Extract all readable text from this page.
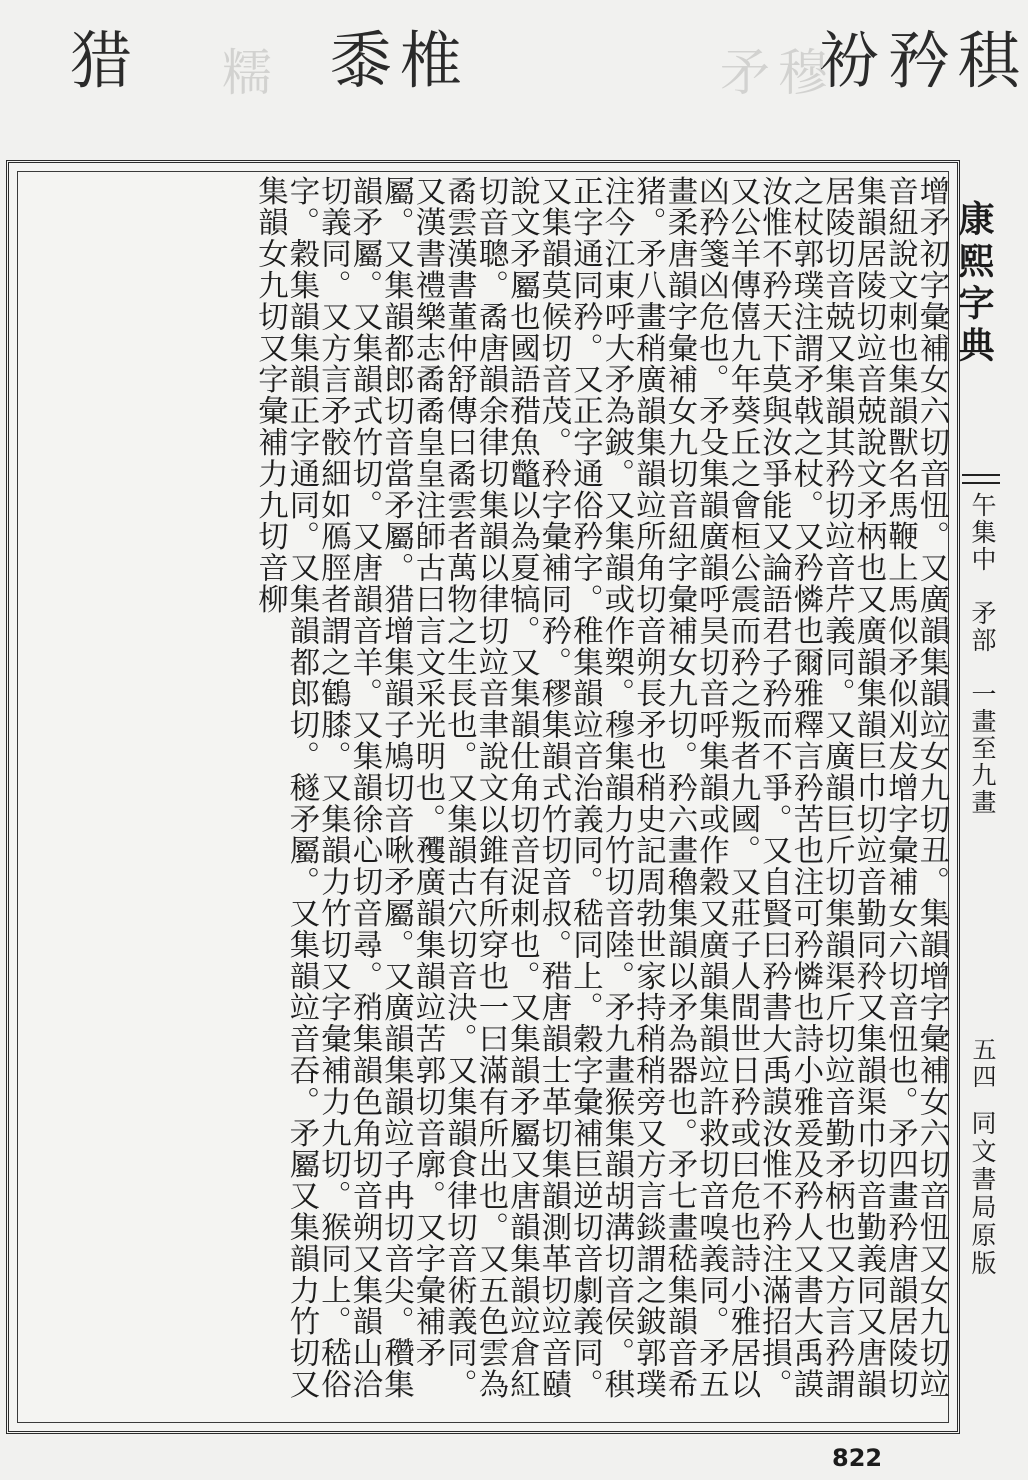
衯矜稘
矛穆
黍椎
糯
猎
增矛初字彙補女六切音忸。又廣韻集韻竝女九切丑。集韻增字彙補女六切音忸又女九切竝音紐說文刺也集韻獸名馬鞭上馬似矛似刈犮增字彙補女六切音忸也。矛四畫矜唐韻居陵切集韻居陵切竝音兢說文矛柄也又廣韻集韻巨巾切竝音勤同矝又集韻渠巾切音勤義同又唐韻居陵切音兢又集韻其矜切竝音芹義同。又廣韻巨斤切集韻渠斤切竝音勤矛柄也又方言矜謂之杖郭璞注謂矛戟之杖。又矜憐也爾雅釋言矜苦也注可矜憐也詩小雅爰及矜人又書大禹謨汝惟不矜天下莫與汝爭能又論語君子矜而不爭。又自賢曰矜書大禹謨汝惟不矜注滿招損。又公羊傳僖九年葵丘之會桓公震而矜之叛者九國。又莊子人間世日矜或曰危也詩小雅居以凶矜箋凶危也。矛殳集韻廣韻呼昊切音呼集韻或作穀又廣韻集韻竝許救切音嗅義同。矛五畫柔唐韻字彙補女九切音紐字彙補女九切。矜六畫穭集韻以矛為器也。矛七畫嵇集韻音希猪。矛八畫稍廣韻集韻竝所角切音朔長矛也稍史記周勃世家持稍稍旁又方言錟謂之鈹郭璞注今江東呼大矛為鈹。又集韻或作槊。穆集韻力竹切音陸。矛九畫猴集韻胡溝切音侯。稘正字通同矜。又正字通俗矜字。稚集韻竝音治義同。嵇同上。穀字彙補巨逆切音劇義同。又集韻莫候切音茂。矝字彙補同矜。穋集韻式竹切音叔。矠唐韻士革切集韻測革切竝音賾說文矛屬也國語矠魚鼈以為夏犒。又集韻仕角切音浞刺也。又集韻矛屬又唐韻集韻竝倉紅切音聰。矞唐韻余律切集韻以律切竝音聿說文以錐有所穿也一曰滿有所出也。又五色雲為矞雲漢書董仲舒傳曰矞雲者萬物之生長也。又集韻古穴切音決。又集韻食律切音術義同。又漢書禮樂志矞矞皇皇注師古曰言文采光明也。矡廣韻集韻竝苦郭切音廓。又字彙補矛屬。又集韻都郎切音當矛屬。猎增集韻子鳩切音啾矛屬。又廣韻集韻竝子冉切音尖。穳集韻矛屬。又集韻式竹切。又唐韻音羊。又集韻徐心切音尋。矟集韻色角切音朔又集韻山洽切義同。又方言矛骹細如鴈脛者謂之鶴膝。又集韻力竹切又字彙補力九切。猴同上。嵇俗字。穀集韻集韻正字通同。又集韻都郎切。穟矛屬。又集韻竝音吞。矛屬又集韻力竹切又集韻女九切又字彙補力九切音柳	康熙字典
午集中　矛部　一畫至九畫
五四
同文書局原版
822
